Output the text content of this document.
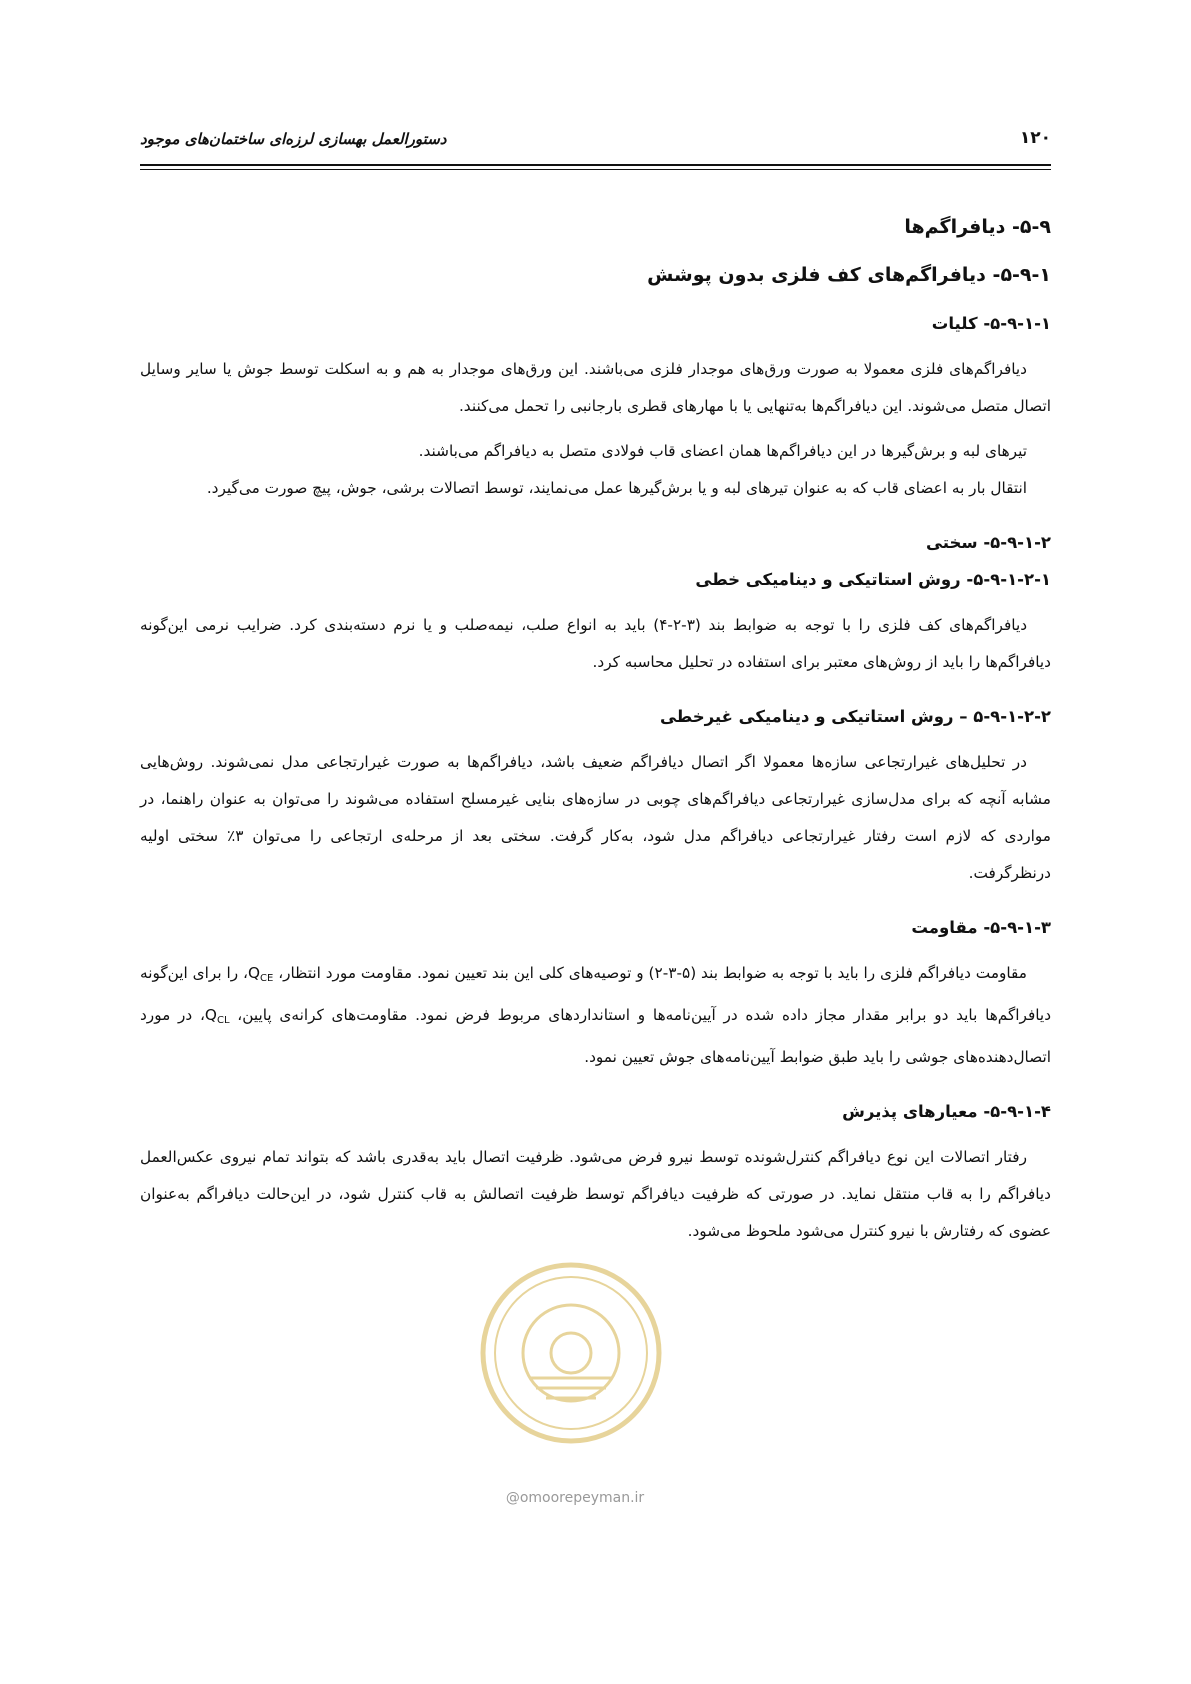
دستورالعمل بهسازی لرزه‌ای ساختمان‌های موجود	۱۲۰
۵-۹- دیافراگم‌ها
۵-۹-۱- دیافراگم‌های کف فلزی بدون پوشش
۵-۹-۱-۱- کلیات

دیافراگم‌های فلزی معمولا به صورت ورق‌های موجدار فلزی می‌باشند. این ورق‌های موجدار به هم و به اسکلت توسط جوش یا سایر وسایل اتصال متصل می‌شوند. این دیافراگم‌ها به‌تنهایی یا با مهارهای قطری بارجانبی را تحمل می‌کنند.

تیرهای لبه و برش‌گیرها در این دیافراگم‌ها همان اعضای قاب فولادی متصل به دیافراگم می‌باشند.

انتقال بار به اعضای قاب که به عنوان تیرهای لبه و یا برش‌گیرها عمل می‌نمایند، توسط اتصالات برشی، جوش، پیچ صورت می‌گیرد.

۵-۹-۱-۲- سختی
۵-۹-۱-۲-۱- روش استاتیکی و دینامیکی خطی

دیافراگم‌های کف فلزی را با توجه به ضوابط بند (۳-۲-۴) باید به انواع صلب، نیمه‌صلب و یا نرم دسته‌بندی کرد. ضرایب نرمی این‌گونه دیافراگم‌ها را باید از روش‌های معتبر برای استفاده در تحلیل محاسبه کرد.

۵-۹-۱-۲-۲ – روش استاتیکی و دینامیکی غیرخطی

در تحلیل‌های غیرارتجاعی سازه‌ها معمولا اگر اتصال دیافراگم ضعیف باشد، دیافراگم‌ها به صورت غیرارتجاعی مدل نمی‌شوند. روش‌هایی مشابه آنچه که برای مدل‌سازی غیرارتجاعی دیافراگم‌های چوبی در سازه‌های بنایی غیرمسلح استفاده می‌شوند را می‌توان به عنوان راهنما، در مواردی که لازم است رفتار غیرارتجاعی دیافراگم مدل شود، به‌کار گرفت. سختی بعد از مرحله‌ی ارتجاعی را می‌توان ۳٪ سختی اولیه درنظرگرفت.

۵-۹-۱-۳- مقاومت

مقاومت دیافراگم فلزی را باید با توجه به ضوابط بند (۵-۳-۲) و توصیه‌های کلی این بند تعیین نمود. مقاومت مورد انتظار، $Q_{CE}،$ را برای این‌گونه دیافراگم‌ها باید دو برابر مقدار مجاز داده شده در آیین‌نامه‌ها و استانداردهای مربوط فرض نمود. مقاومت‌های کرانه‌ی پایین، $Q_{CL}،$ در مورد اتصال‌دهنده‌های جوشی را باید طبق ضوابط آیین‌نامه‌های جوش تعیین نمود.

۵-۹-۱-۴- معیارهای پذیرش

رفتار اتصالات این نوع دیافراگم کنترل‌شونده توسط نیرو فرض می‌شود. ظرفیت اتصال باید به‌قدری باشد که بتواند تمام نیروی عکس‌العمل دیافراگم را به قاب منتقل نماید. در صورتی که ظرفیت دیافراگم توسط ظرفیت اتصالش به قاب کنترل شود، در این‌حالت دیافراگم به‌عنوان عضوی که رفتارش با نیرو کنترل می‌شود ملحوظ می‌شود.

@omoorepeyman.ir
